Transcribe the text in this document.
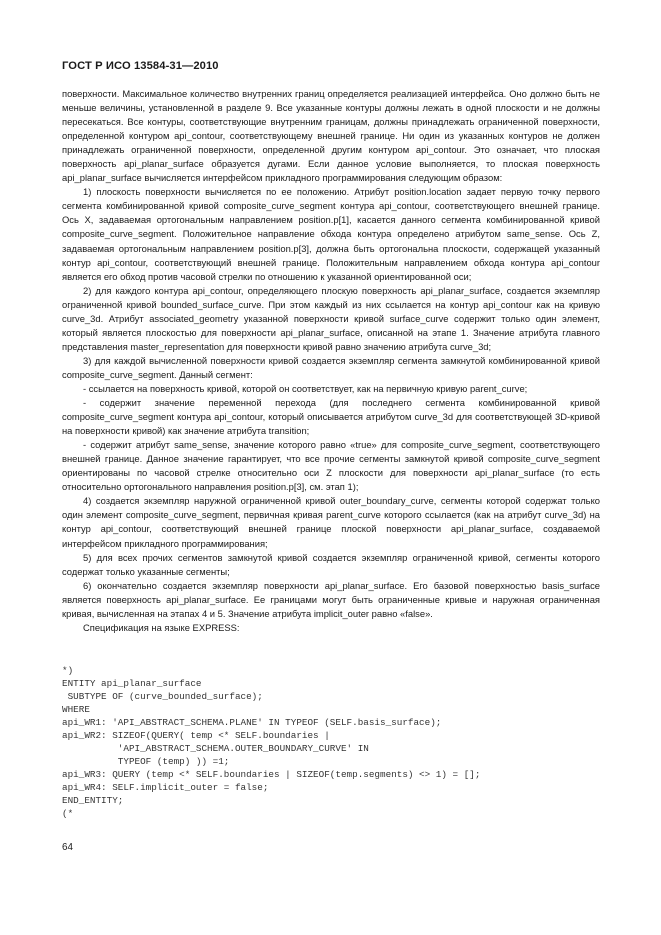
ГОСТ Р ИСО 13584-31—2010

поверхности. Максимальное количество внутренних границ определяется реализацией интерфейса. Оно должно быть не меньше величины, установленной в разделе 9. Все указанные контуры должны лежать в одной плоскости и не должны пересекаться. Все контуры, соответствующие внутренним границам, должны принадлежать ограниченной поверхности, определенной контуром api_contour, соответствующему внешней границе. Ни один из указанных контуров не должен принадлежать ограниченной поверхности, определенной другим контуром api_contour. Это означает, что плоская поверхность api_planar_surface образуется дугами. Если данное условие выполняется, то плоская поверхность api_planar_surface вычисляется интерфейсом прикладного программирования следующим образом:

1) плоскость поверхности вычисляется по ее положению. Атрибут position.location задает первую точку первого сегмента комбинированной кривой composite_curve_segment контура api_contour, соответствующего внешней границе. Ось X, задаваемая ортогональным направлением position.p[1], касается данного сегмента комбинированной кривой composite_curve_segment. Положительное направление обхода контура определено атрибутом same_sense. Ось Z, задаваемая ортогональным направлением position.p[3], должна быть ортогональна плоскости, содержащей указанный контур api_contour, соответствующий внешней границе. Положительным направлением обхода контура api_contour является его обход против часовой стрелки по отношению к указанной ориентированной оси;

2) для каждого контура api_contour, определяющего плоскую поверхность api_planar_surface, создается экземпляр ограниченной кривой bounded_surface_curve. При этом каждый из них ссылается на контур api_contour как на кривую curve_3d. Атрибут associated_geometry указанной поверхности кривой surface_curve содержит только один элемент, который является плоскостью для поверхности api_planar_surface, описанной на этапе 1. Значение атрибута главного представления master_representation для поверхности кривой равно значению атрибута curve_3d;

3) для каждой вычисленной поверхности кривой создается экземпляр сегмента замкнутой комбинированной кривой composite_curve_segment. Данный сегмент:

- ссылается на поверхность кривой, которой он соответствует, как на первичную кривую parent_curve;

- содержит значение переменной перехода (для последнего сегмента комбинированной кривой composite_curve_segment контура api_contour, который описывается атрибутом curve_3d для соответствующей 3D-кривой на поверхности кривой) как значение атрибута transition;

- содержит атрибут same_sense, значение которого равно «true» для composite_curve_segment, соответствующего внешней границе. Данное значение гарантирует, что все прочие сегменты замкнутой кривой composite_curve_segment ориентированы по часовой стрелке относительно оси Z плоскости для поверхности api_planar_surface (то есть относительно ортогонального направления position.p[3], см. этап 1);

4) создается экземпляр наружной ограниченной кривой outer_boundary_curve, сегменты которой содержат только один элемент composite_curve_segment, первичная кривая parent_curve которого ссылается (как на атрибут curve_3d) на контур api_contour, соответствующий внешней границе плоской поверхности api_planar_surface, создаваемой интерфейсом прикладного программирования;

5) для всех прочих сегментов замкнутой кривой создается экземпляр ограниченной кривой, сегменты которого содержат только указанные сегменты;

6) окончательно создается экземпляр поверхности api_planar_surface. Его базовой поверхностью basis_surface является поверхность api_planar_surface. Ее границами могут быть ограниченные кривые и наружная ограниченная кривая, вычисленная на этапах 4 и 5. Значение атрибута implicit_outer равно «false».

Спецификация на языке EXPRESS:

*)
ENTITY api_planar_surface
SUBTYPE OF (curve_bounded_surface);
WHERE
api_WR1: 'API_ABSTRACT_SCHEMA.PLANE' IN TYPEOF (SELF.basis_surface);
api_WR2: SIZEOF(QUERY( temp <* SELF.boundaries |
'API_ABSTRACT_SCHEMA.OUTER_BOUNDARY_CURVE' IN
TYPEOF (temp) )) =1;
api_WR3: QUERY (temp <* SELF.boundaries | SIZEOF(temp.segments) <> 1) = [];
api_WR4: SELF.implicit_outer = false;
END_ENTITY;
(*

64
